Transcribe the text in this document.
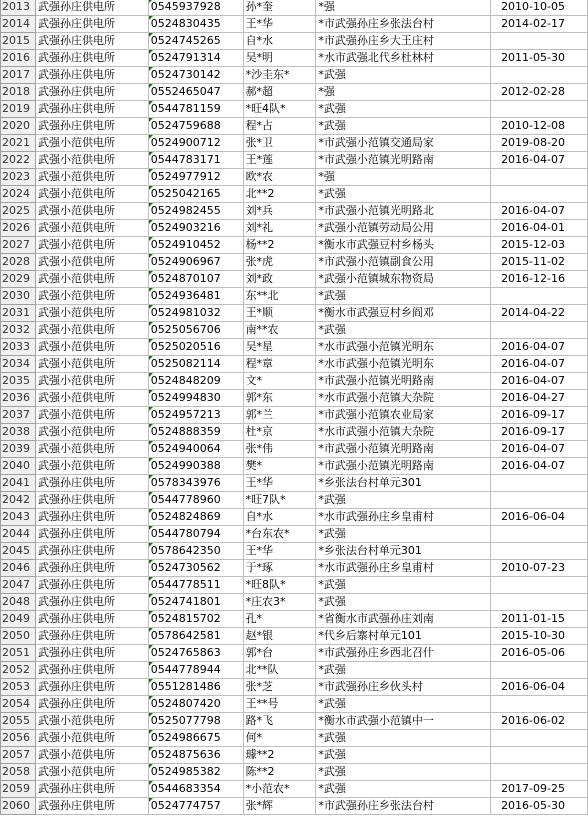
2013	武强孙庄供电所	0545937928	孙*奎	*强	2010-10-05
2014	武强孙庄供电所	0524830435	王*华	*市武强孙庄乡张法台村	2014-02-17
2015	武强孙庄供电所	0524745265	自*水	*市武强孙庄乡大王庄村	
2016	武强孙庄供电所	0524791314	吴*明	*水市武强北代乡杜林村	2011-05-30
2017	武强孙庄供电所	0524730142	*沙圭东*	*武强	
2018	武强孙庄供电所	0552465047	郝*超	*强	2012-02-28
2019	武强孙庄供电所	0544781159	*旺4队*	*武强	
2020	武强孙庄供电所	0524759688	程*占	*武强	2010-12-08
2021	武强小范供电所	0524900712	张*卫	*市武强小范镇交通局家	2019-08-20
2022	武强小范供电所	0544783171	王*莲	*市武强小范镇光明路南	2016-04-07
2023	武强小范供电所	0524977912	欧*农	*强	
2024	武强小范供电所	0525042165	北**2	*武强	
2025	武强小范供电所	0524982455	刘*兵	*市武强小范镇光明路北	2016-04-07
2026	武强小范供电所	0524903216	刘*礼	*武强小范镇劳动局公用	2016-04-01
2027	武强小范供电所	0524910452	杨**2	*衡水市武强豆村乡杨头	2015-12-03
2028	武强小范供电所	0524906967	张*虎	*市武强小范镇副食公用	2015-11-02
2029	武强小范供电所	0524870107	刘*政	*武强小范镇城东物资局	2016-12-16
2030	武强小范供电所	0524936481	东**北	*武强	
2031	武强小范供电所	0524981032	王*顺	*衡水市武强豆村乡阎邓	2014-04-22
2032	武强小范供电所	0525056706	南**农	*武强	
2033	武强小范供电所	0525020516	吴*星	*水市武强小范镇光明东	2016-04-07
2034	武强小范供电所	0525082114	程*章	*水市武强小范镇光明东	2016-04-07
2035	武强小范供电所	0524848209	文*	*市武强小范镇光明路南	2016-04-07
2036	武强小范供电所	0524994830	郭*东	*水市武强小范镇大杂院	2016-04-27
2037	武强小范供电所	0524957213	郭*兰	*市武强小范镇农业局家	2016-09-17
2038	武强小范供电所	0524888359	杜*京	*水市武强小范镇大杂院	2016-09-17
2039	武强小范供电所	0524940064	张*伟	*市武强小范镇光明路南	2016-04-07
2040	武强小范供电所	0524990388	樊*	*市武强小范镇光明路南	2016-04-07
2041	武强孙庄供电所	0578343976	王*华	*乡张法台村单元301	
2042	武强孙庄供电所	0544778960	*旺7队*	*武强	
2043	武强孙庄供电所	0524824869	自*水	*水市武强孙庄乡皇甫村	2016-06-04
2044	武强孙庄供电所	0544780794	*台东农*	*武强	
2045	武强孙庄供电所	0578642350	王*华	*乡张法台村单元301	
2046	武强孙庄供电所	0524730562	于*琢	*水市武强孙庄乡皇甫村	2010-07-23
2047	武强孙庄供电所	0544778511	*旺8队*	*武强	
2048	武强孙庄供电所	0524741801	*庄农3*	*武强	
2049	武强孙庄供电所	0524815702	孔*	*省衡水市武强孙庄刘南	2011-01-15
2050	武强孙庄供电所	0578642581	赵*银	*代乡后寨村单元101	2015-10-30
2051	武强孙庄供电所	0524765863	郭*台	*市武强孙庄乡西北召什	2016-05-06
2052	武强孙庄供电所	0544778944	北**队	*武强	
2053	武强孙庄供电所	0551281486	张*芝	*市武强孙庄乡伙头村	2016-06-04
2054	武强孙庄供电所	0524807420	王**号	*武强	
2055	武强小范供电所	0525077798	路*飞	*衡水市武强小范镇中一	2016-06-02
2056	武强小范供电所	0524986675	何*	*武强	
2057	武强小范供电所	0524875636	璩**2	*武强	
2058	武强小范供电所	0524985382	陈**2	*武强	
2059	武强孙庄供电所	0544683354	*小范农*	*武强	2017-09-25
2060	武强孙庄供电所	0524774757	张*辉	*市武强孙庄乡张法台村	2016-05-30
